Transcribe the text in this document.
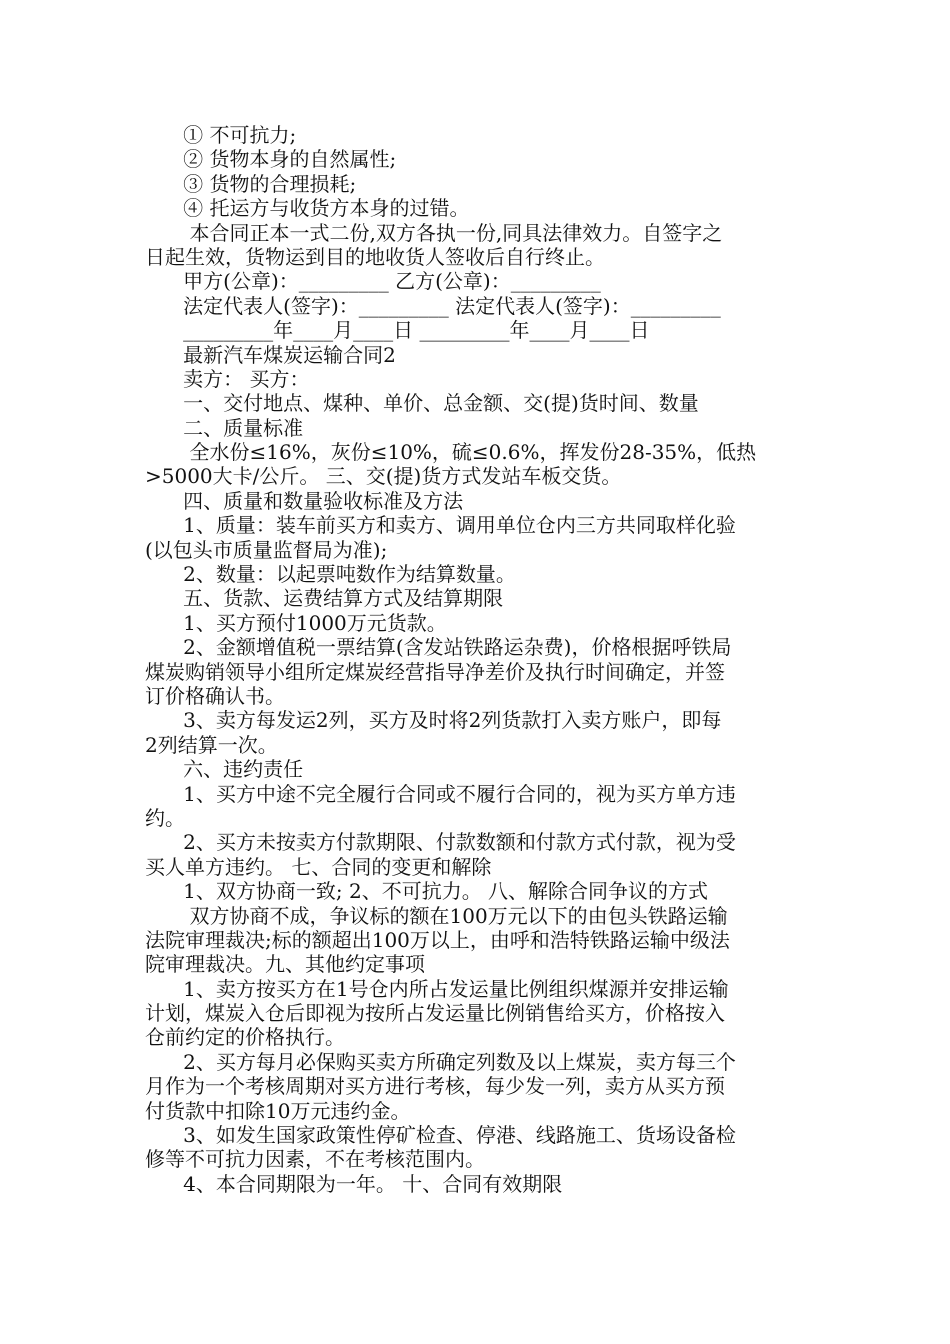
① 不可抗力;
② 货物本身的自然属性;
③ 货物的合理损耗;
④ 托运方与收货方本身的过错。
本合同正本一式二份,双方各执一份,同具法律效力。自签字之
日起生效，货物运到目的地收货人签收后自行终止。
甲方(公章)：_________ 乙方(公章)：_________
法定代表人(签字)：_________ 法定代表人(签字)：_________
_________年____月____日 _________年____月____日
最新汽车煤炭运输合同2
卖方： 买方：
一、交付地点、煤种、单价、总金额、交(提)货时间、数量
二、质量标准
全水份≤16%，灰份≤10%，硫≤0.6%，挥发份28-35%，低热
>5000大卡/公斤。 三、交(提)货方式发站车板交货。
四、质量和数量验收标准及方法
1、质量：装车前买方和卖方、调用单位仓内三方共同取样化验
(以包头市质量监督局为准);
2、数量：以起票吨数作为结算数量。
五、货款、运费结算方式及结算期限
1、买方预付1000万元货款。
2、金额增值税一票结算(含发站铁路运杂费)，价格根据呼铁局
煤炭购销领导小组所定煤炭经营指导净差价及执行时间确定，并签
订价格确认书。
3、卖方每发运2列，买方及时将2列货款打入卖方账户，即每
2列结算一次。
六、违约责任
1、买方中途不完全履行合同或不履行合同的，视为买方单方违
约。
2、买方未按卖方付款期限、付款数额和付款方式付款，视为受
买人单方违约。 七、合同的变更和解除
1、双方协商一致; 2、不可抗力。 八、解除合同争议的方式
双方协商不成，争议标的额在100万元以下的由包头铁路运输
法院审理裁决;标的额超出100万以上，由呼和浩特铁路运输中级法
院审理裁决。九、其他约定事项
1、卖方按买方在1号仓内所占发运量比例组织煤源并安排运输
计划，煤炭入仓后即视为按所占发运量比例销售给买方，价格按入
仓前约定的价格执行。
2、买方每月必保购买卖方所确定列数及以上煤炭，卖方每三个
月作为一个考核周期对买方进行考核，每少发一列，卖方从买方预
付货款中扣除10万元违约金。
3、如发生国家政策性停矿检查、停港、线路施工、货场设备检
修等不可抗力因素，不在考核范围内。
4、本合同期限为一年。 十、合同有效期限
